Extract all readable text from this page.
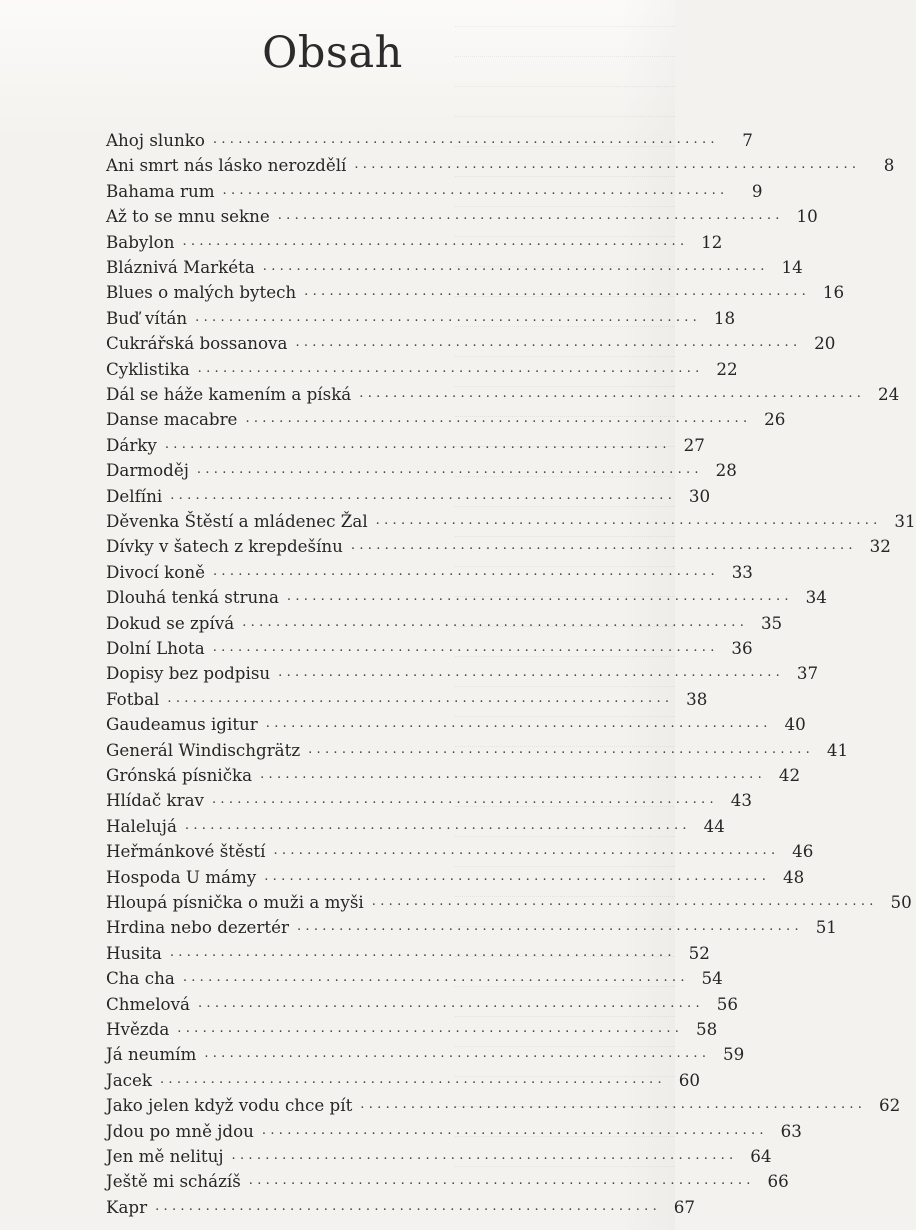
Obsah
Ahoj slunko ............................................................	7
Ani smrt nás lásko nerozdělí ............................................................	8
Bahama rum ............................................................	9
Až to se mnu sekne ............................................................ 10
Babylon ............................................................ 12
Bláznivá Markéta ............................................................ 14
Blues o malých bytech ............................................................ 16
Buď vítán ............................................................ 18
Cukrářská bossanova ............................................................ 20
Cyklistika ............................................................ 22
Dál se háže kamením a píská ............................................................ 24
Danse macabre ............................................................ 26
Dárky ............................................................ 27
Darmoděj ............................................................ 28
Delfíni ............................................................ 30
Děvenka Štěstí a mládenec Žal ............................................................ 31
Dívky v šatech z krepdešínu ............................................................ 32
Divocí koně ............................................................ 33
Dlouhá tenká struna ............................................................ 34
Dokud se zpívá ............................................................ 35
Dolní Lhota ............................................................ 36
Dopisy bez podpisu ............................................................ 37
Fotbal ............................................................ 38
Gaudeamus igitur ............................................................ 40
Generál Windischgrätz ............................................................ 41
Grónská písnička ............................................................ 42
Hlídač krav ............................................................ 43
Halelujá ............................................................ 44
Heřmánkové štěstí ............................................................ 46
Hospoda U mámy ............................................................ 48
Hloupá písnička o muži a myši ............................................................ 50
Hrdina nebo dezertér ............................................................ 51
Husita ............................................................ 52
Cha cha ............................................................ 54
Chmelová ............................................................ 56
Hvězda ............................................................ 58
Já neumím ............................................................ 59
Jacek ............................................................ 60
Jako jelen když vodu chce pít ............................................................ 62
Jdou po mně jdou ............................................................ 63
Jen mě nelituj ............................................................ 64
Ještě mi scházíš ............................................................ 66
Kapr ............................................................ 67
